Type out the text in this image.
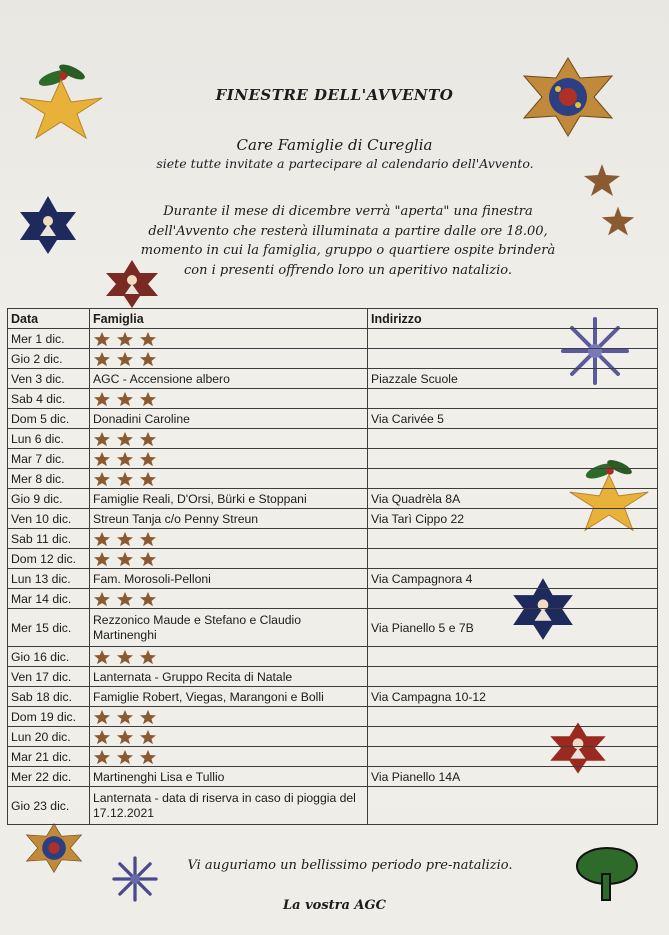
FINESTRE DELL'AVVENTO
Care Famiglie di Cureglia
siete tutte invitate a partecipare al calendario dell'Avvento.
Durante il mese di dicembre verrà "aperta" una finestra
dell'Avvento che resterà illuminata a partire dalle ore 18.00,
momento in cui la famiglia, gruppo o quartiere ospite brinderà
con i presenti offrendo loro un aperitivo natalizio.
Data	Famiglia	Indirizzo
Mer 1 dic.		
Gio 2 dic.		
Ven 3 dic.	AGC - Accensione albero	Piazzale Scuole
Sab 4 dic.		
Dom 5 dic.	Donadini Caroline	Via Carivée 5
Lun 6 dic.		
Mar 7 dic.		
Mer 8 dic.		
Gio 9 dic.	Famiglie Reali, D'Orsi, Bürki e Stoppani	Via Quadrèla 8A
Ven 10 dic.	Streun Tanja c/o Penny Streun	Via Tarì Cippo 22
Sab 11 dic.		
Dom 12 dic.		
Lun 13 dic.	Fam. Morosoli-Pelloni	Via Campagnora 4
Mar 14 dic.		
Mer 15 dic.	Rezzonico Maude e Stefano e Claudio Martinenghi	Via Pianello 5 e 7B
Gio 16 dic.		
Ven 17 dic.	Lanternata - Gruppo Recita di Natale	
Sab 18 dic.	Famiglie Robert, Viegas, Marangoni e Bolli	Via Campagna 10-12
Dom 19 dic.		
Lun 20 dic.		
Mar 21 dic.		
Mer 22 dic.	Martinenghi Lisa e Tullio	Via Pianello 14A
Gio 23 dic.	Lanternata - data di riserva in caso di pioggia del 17.12.2021	
Vi auguriamo un bellissimo periodo pre-natalizio.
La vostra AGC
